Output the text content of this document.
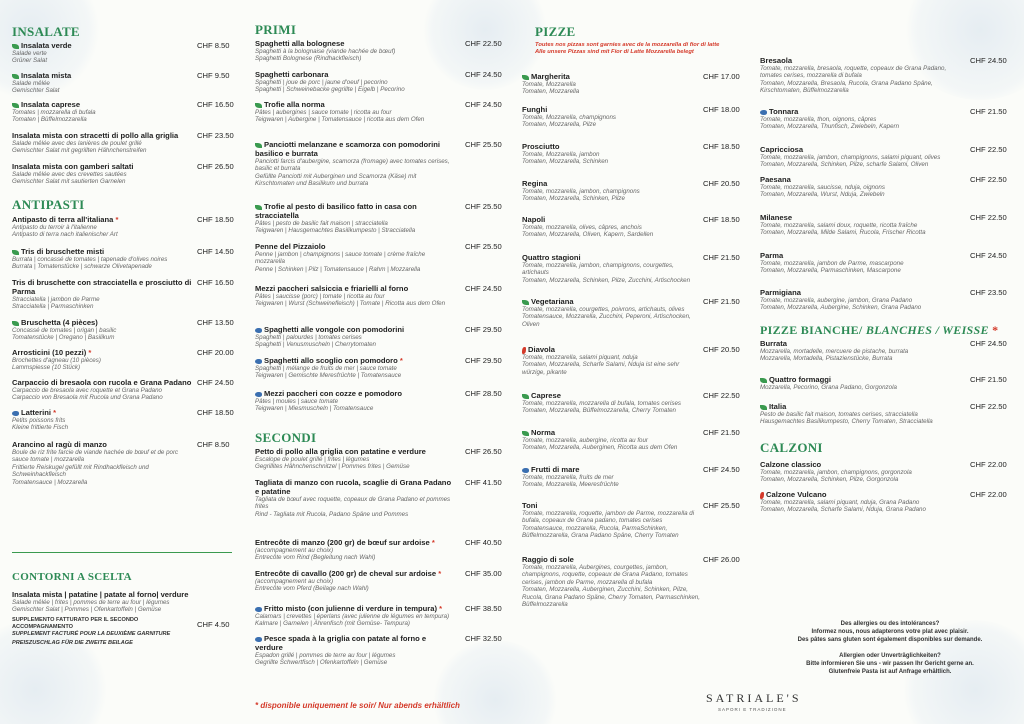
INSALATE
ANTIPASTI
CONTORNI A SCELTA
PRIMI
SECONDI
* disponible uniquement le soir/ Nur abends erhältlich
PIZZE
Toutes nos pizzas sont garnies avec de la mozzarella di fior di latte
Alle unsere Pizzas sind mit Fior di Latte Mozzarella belegt
PIZZE BIANCHE/ BLANCHES / WEISSE *
CALZONI
Des allergies ou des intolérances?
Informez nous, nous adapterons votre plat avec plaisir.
Des pâtes sans gluten sont également disponibles sur demande.
Allergien oder Unverträglichkeiten?
Bitte informieren Sie uns - wir passen Ihr Gericht gerne an.
Glutenfreie Pasta ist auf Anfrage erhältlich.
SATRIALE'S
SAPORI E TRADIZIONE
Insalata verde
Salade verte
Grüner Salat
CHF 8.50
Insalata mista
Salade mêlée
Gemischter Salat
CHF 9.50
Insalata caprese
Tomates | mozzarella di bufala
Tomaten | Büffelmozzarella
CHF 16.50
Insalata mista con stracetti di pollo alla griglia
Salade mêlée avec des lanières de poulet grillé
Gemischter Salat mit gegrillten Hähnchenstreifen
CHF 23.50
Insalata mista con gamberi saltati
Salade mêlée avec des crevettes sautées
Gemischter Salat mit sautierten Garnelen
CHF 26.50
Antipasto di terra all'italiana *
Antipasto du terroir à l'italienne
Antipasto di terra nach italienischer Art
CHF 18.50
Tris di bruschette misti
Burrata | concassé de tomates | tapenade d'olives noires
Burrata | Tomatenstücke | schwarze Olivetapenade
CHF 14.50
Tris di bruschette con stracciatella e prosciutto di Parma
Stracciatella | jambon de Parme
Stracciatella | Parmaschinken
CHF 16.50
Bruschetta (4 pièces)
Concassé de tomates | origan | basilic
Tomatenstücke | Oregano | Basilikum
CHF 13.50
Arrosticini (10 pezzi) *
Brochettes d'agneau (10 pièces)
Lammspiesse (10 Stück)
CHF 20.00
Carpaccio di bresaola con rucola e Grana Padano
Carpaccio de bresaola avec roquette et Grana Padano
Carpaccio von Bresaola mit Rucola und Grana Padano
CHF 24.50
Latterini *
Petits poissons frits
Kleine frittierte Fisch
CHF 18.50
Arancino al ragù di manzo
Boule de riz frite farcie de viande hachée de bœuf et de porc
sauce tomate | mozzarella
Frittierte Reiskugel gefüllt mit Rindhackfleisch und Schweinhackfleisch
Tomatensauce | Mozzarella
CHF 8.50
Insalata mista | patatine | patate al forno| verdure
Salade mêlée | frites | pommes de terre au four | légumes
Gemischter Salat | Pommes | Ofenkartoffeln | Gemüse
SUPPLEMENTO FATTURATO PER IL SECONDO
ACCOMPAGNAMENTO
SUPPLEMENT FACTURÉ POUR LA DEUXIÈME GARNITURE
PREISZUSCHLAG FÜR DIE ZWEITE BEILAGE
CHF 4.50
Spaghetti alla bolognese
Spaghetti à la bolognaise (viande hachée de bœuf)
Spaghetti Bolognese (Rindhackfleisch)
CHF 22.50
Spaghetti carbonara
Spaghetti | joue de porc | jaune d'oeuf | pecorino
Spaghetti | Schweinebacke gegrillte | Eigelb | Pecorino
CHF 24.50
Trofie alla norma
Pâtes | aubergines | sauce tomate | ricotta au four
Teigwaren | Aubergine | Tomatensauce | ricotta aus dem Ofen
CHF 24.50
Panciotti melanzane e scamorza con pomodorini basilico e burrata
Panciotti farcis d'aubergine, scamorza (fromage) avec tomates cerises, basilic et burrata
Gefüllte Panciotti mit Auberginen und Scamorza (Käse) mit Kirschtomaten und Basilikum und burrata
CHF 25.50
Trofie al pesto di basilico fatto in casa con stracciatella
Pâtes | pesto de basilic fait maison | stracciatella
Teigwaren | Hausgemachtes Basilikumpesto | Stracciatella
CHF 25.50
Penne del Pizzaiolo
Penne | jambon | champignons | sauce tomate | crème fraîche mozzarella
Penne | Schinken | Pilz | Tomatensauce | Rahm | Mozzarella
CHF 25.50
Mezzi paccheri salsiccia e friarielli al forno
Pâtes | saucisse (porc) | tomate | ricotta au four
Teigwaren | Wurst (Schweinefleisch) | Tomate | Ricotta aus dem Ofen
CHF 24.50
Spaghetti alle vongole con pomodorini
Spaghetti | palourdes | tomates cerises
Spaghetti | Venusmuscheln | Cherrytomaten
CHF 29.50
Spaghetti allo scoglio con pomodoro *
Spaghetti | mélange de fruits de mer | sauce tomate
Teigwaren | Gemischte Meresfrüchte | Tomatensauce
CHF 29.50
Mezzi paccheri con cozze e pomodoro
Pâtes | moules | sauce tomate
Teigwaren | Miesmuscheln | Tomatensauce
CHF 28.50
Petto di pollo alla griglia con patatine e verdure
Escalope de poulet grillé | frites | légumes
Gegrillites Hähnchenschnitzel | Pommes frites | Gemüse
CHF 26.50
Tagliata di manzo con rucola, scaglie di Grana Padano e patatine
Tagliata de bœuf avec roquette, copeaux de Grana Padano et pommes frites
Rind - Tagliata mit Rucola, Padano Späne und Pommes
CHF 41.50
Entrecôte di manzo (200 gr) de bœuf sur ardoise *
(accompagnement au choix)
Entrecôte vom Rind (Begleitung nach Wahl)
CHF 40.50
Entrecôte di cavallo (200 gr) de cheval sur ardoise *
(accompagnement au choix)
Entrecôte vom Pferd (Beilage nach Wahl)
CHF 35.00
Fritto misto (con julienne di verdure in tempura) *
Calamars | crevettes | éperlans (avec julienne de légumes en tempura)
Kalmare | Garnelen | Ährenfisch (mit Gemüse- Tempura)
CHF 38.50
Pesce spada à la griglia con patate al forno e verdure
Espadon grillé | pommes de terre au four | légumes
Gegrillte Schwertfisch | Ofenkartoffeln | Gemüse
CHF 32.50
Margherita
Tomate, Mozzarella
Tomaten, Mozzarella
CHF 17.00
Funghi
Tomate, Mozzarella, champignons
Tomaten, Mozzarella, Pilze
CHF 18.00
Prosciutto
Tomate, Mozzarella, jambon
Tomaten, Mozzarella, Schinken
CHF 18.50
Regina
Tomate, mozzarella, jambon, champignons
Tomaten, Mozzarella, Schinken, Pilze
CHF 20.50
Napoli
Tomate, mozzarella, olives, câpres, anchois
Tomaten, Mozzarella, Oliven, Kapern, Sardellen
CHF 18.50
Quattro stagioni
Tomate, mozzarella, jambon, champignons, courgettes, artichauts
Tomaten, Mozzarella, Schinken, Pilze, Zucchini, Artischocken
CHF 21.50
Vegetariana
Tomate, mozzarella, courgettes, poivrons, artichauts, olives
Tomatensauce, Mozzarella, Zucchini, Peperoni, Artischocken, Oliven
CHF 21.50
Diavola
Tomate, mozzarella, salami piquant, nduja
Tomaten, Mozzarella, Scharfe Salami, Nduja ist eine sehr würzige, pikante
CHF 20.50
Caprese
Tomate, mozzarella, mozzarella di bufala, tomates cerises
Tomaten, Mozzarella, Büffelmozzarella, Cherry Tomaten
CHF 22.50
Norma
Tomate, mozzarella, aubergine, ricotta au four
Tomaten, Mozzarella, Auberginen, Ricotta aus dem Ofen
CHF 21.50
Frutti di mare
Tomate, mozzarella, fruits de mer
Tomate, Mozzarella, Meeresfrüchte
CHF 24.50
Toni
Tomate, mozzarella, roquette, jambon de Parme, mozzarella di bufala, copeaux de Grana padano, tomates cerises
Tomatensauce, mozzarella, Rucola, ParmaSchinken, Büffelmozzarella, Grana Padano Späne, Cherry Tomaten
CHF 25.50
Raggio di sole
Tomate, mozzarella, Aubergines, courgettes, jambon, champignons, roquette, copeaux de Grana Padano, tomates cerises, jambon de Parme, mozzarella di bufala
Tomaten, Mozzarella, Auberginen, Zucchini, Schinken, Pilze, Rucola, Grana Padano Späne, Cherry Tomaten, Parmaschinken, Büffelmozzarella
CHF 26.00
Bresaola
Tomate, mozzarella, bresaola, roquette, copeaux de Grana Padano, tomates cerises, mozzarella di bufala
Tomaten, Mozzarella, Bresaola, Rucola, Grana Padano Späne, Kirschtomaten, Büffelmozzarella
CHF 24.50
Tonnara
Tomate, mozzarella, thon, oignons, câpres
Tomaten, Mozzarella, Thunfisch, Zwiebeln, Kapern
CHF 21.50
Capricciosa
Tomate, mozzarella, jambon, champignons, salami piquant, olives
Tomaten, Mozzarella, Schinken, Pilze, scharfe Salami, Oliven
CHF 22.50
Paesana
Tomate, mozzarella, saucisse, nduja, oignons
Tomaten, Mozzarella, Wurst, Nduja, Zwiebeln
CHF 22.50
Milanese
Tomate, mozzarella, salami doux, roquette, ricotta fraîche
Tomaten, Mozzarella, Milde Salami, Rucola, Frischer Ricotta
CHF 22.50
Parma
Tomate, mozzarella, jambon de Parme, mascarpone
Tomaten, Mozzarella, Parmaschinken, Mascarpone
CHF 24.50
Parmigiana
Tomate, mozzarella, aubergine, jambon, Grana Padano
Tomaten, Mozzarella, Aubergine, Schinken, Grana Padano
CHF 23.50
Burrata
Mozzarella, mortadelle, mercuere de pistache, burrata
Mozzarella, Mortadella, Pistazienstücke, Burrata
CHF 24.50
Quattro formaggi
Mozzarella, Pecorino, Grana Padano, Gorgonzola
CHF 21.50
Italia
Pesto de basilic fait maison, tomates cerises, stracciatella
Hausgemachtes Basilikumpesto, Cherry Tomaten, Stracciatella
CHF 22.50
Calzone classico
Tomate, mozzarella, jambon, champignons, gorgonzola
Tomaten, Mozzarella, Schinken, Pilze, Gorgonzola
CHF 22.00
Calzone Vulcano
Tomate, mozzarella, salami piquant, nduja, Grana Padano
Tomaten, Mozzarella, Scharfe Salami, Nduja, Grana Padano
CHF 22.00
